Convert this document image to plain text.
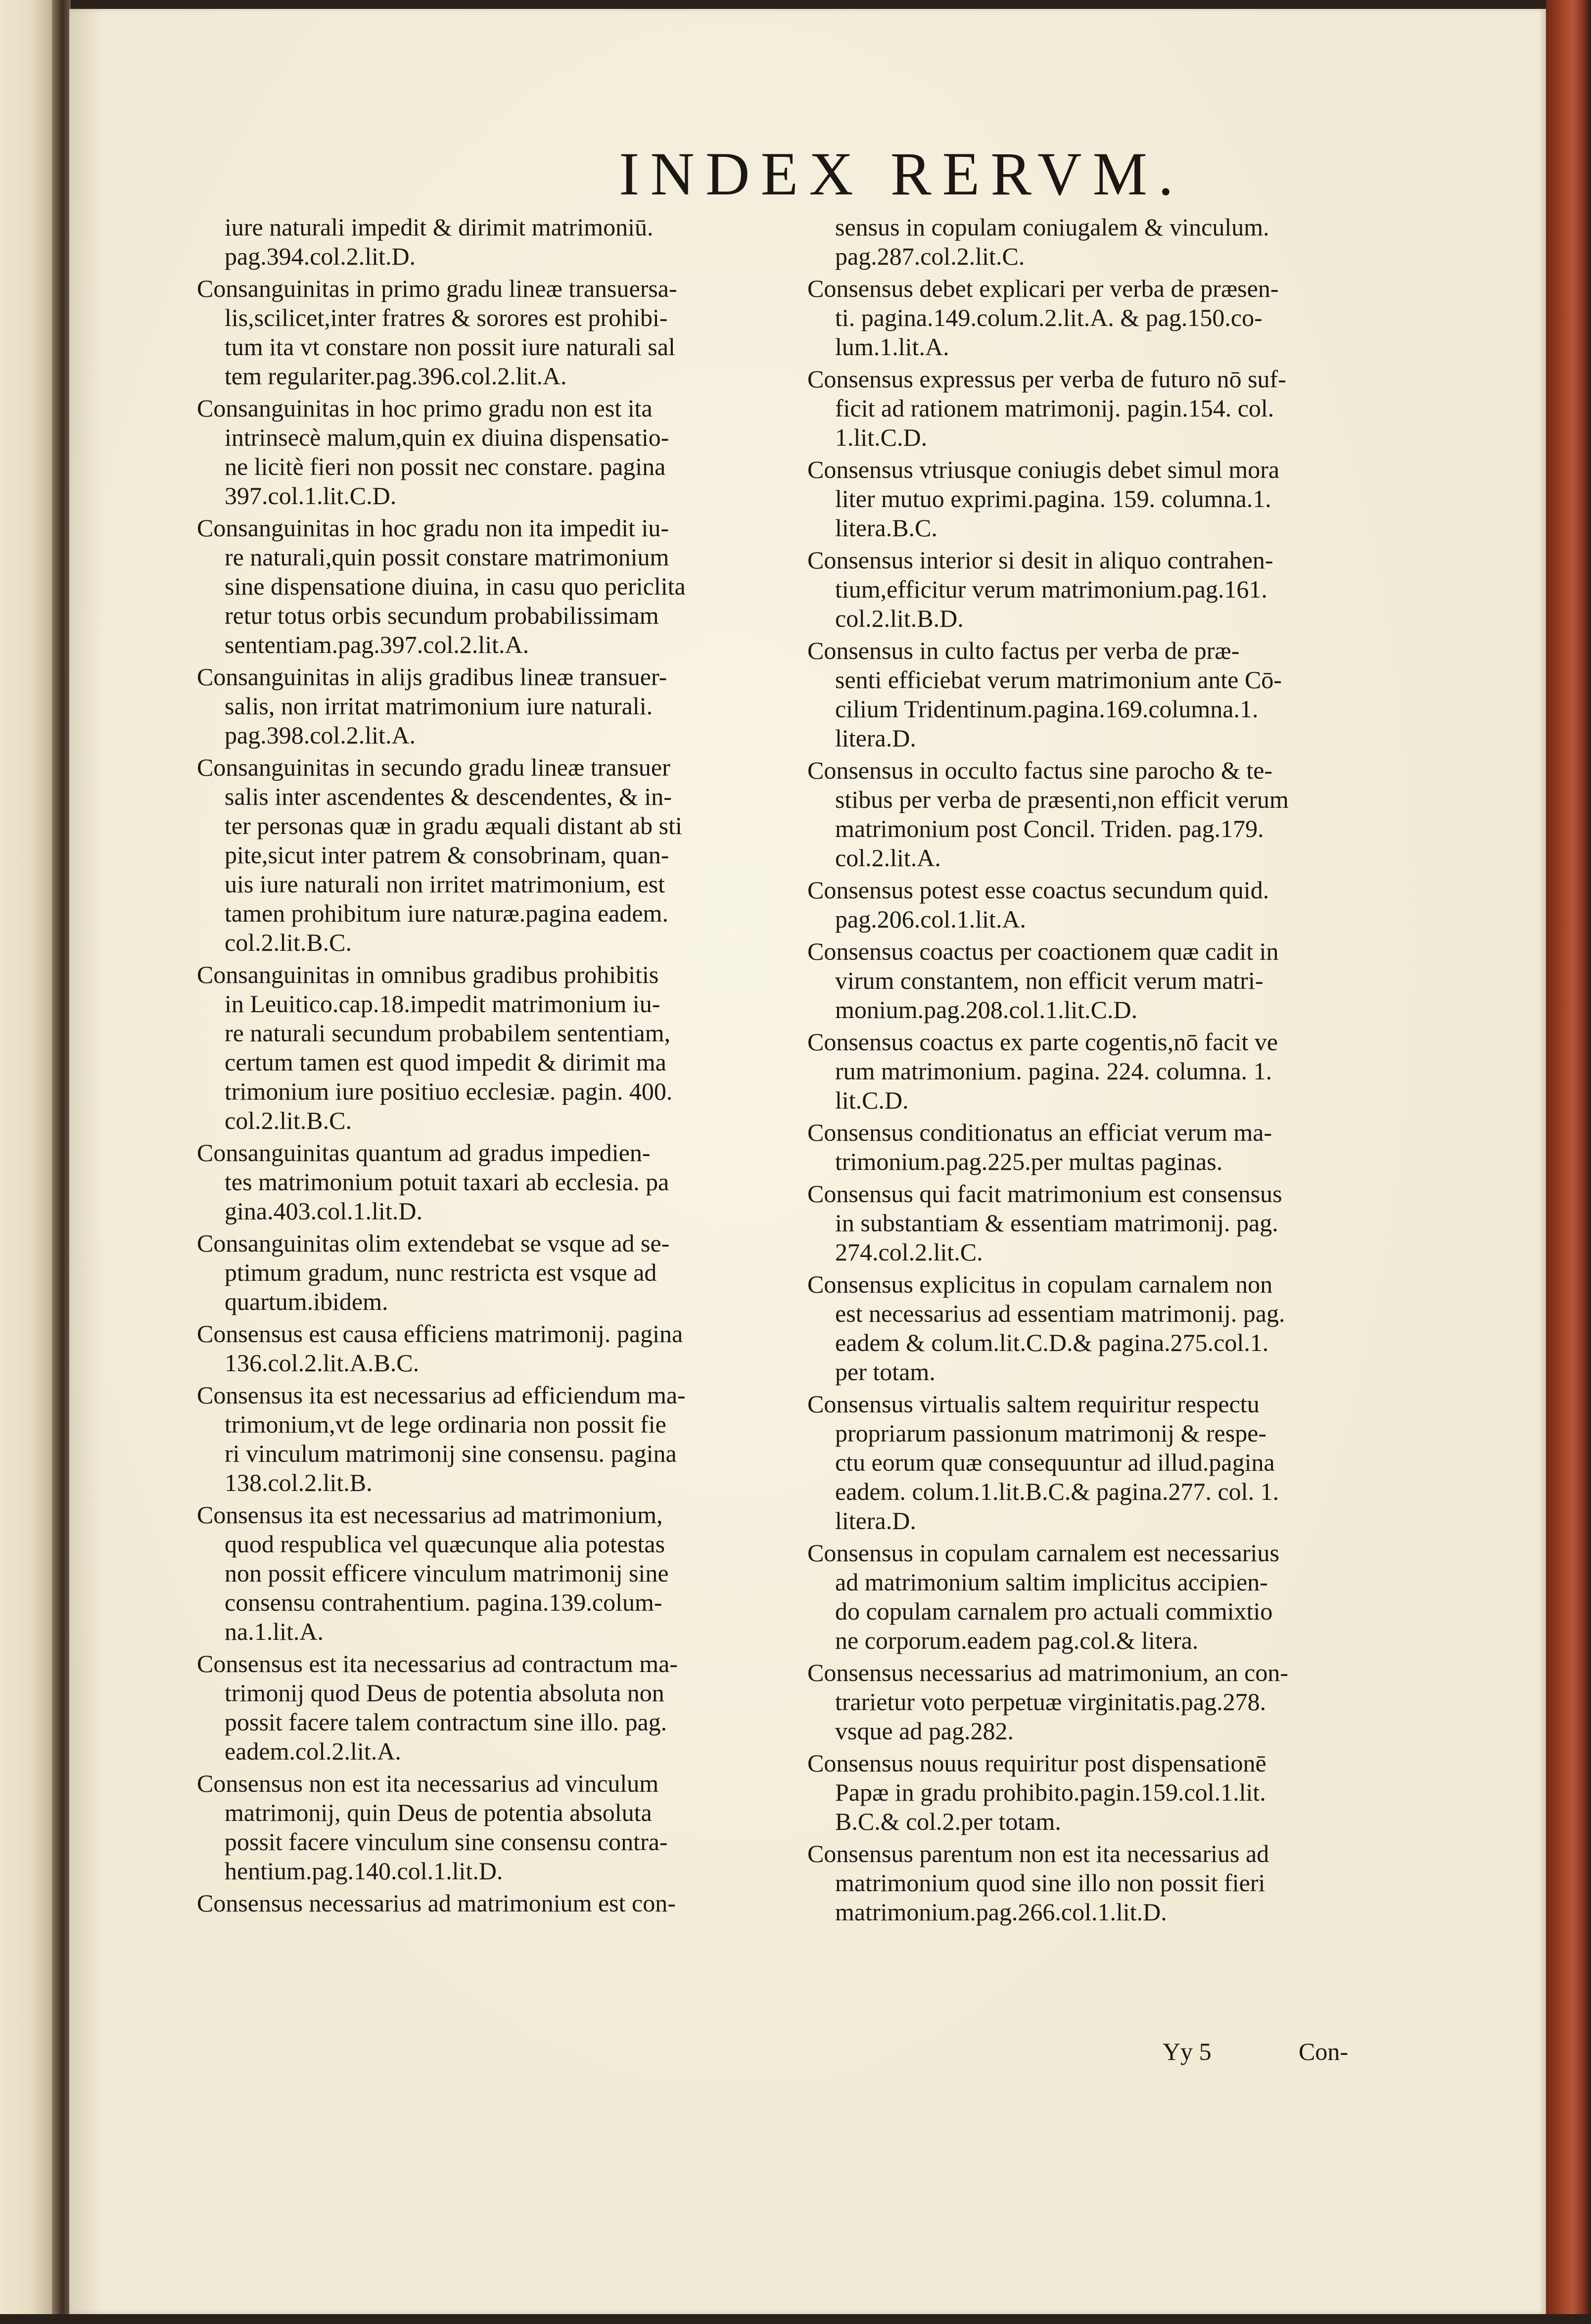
INDEX RERVM.
iure naturali impedit & dirimit matrimoniū.
pag.394.col.2.lit.D.
Consanguinitas in primo gradu lineæ transuersa-
lis,scilicet,inter fratres & sorores est prohibi-
tum ita vt constare non possit iure naturali sal
tem regulariter.pag.396.col.2.lit.A.
Consanguinitas in hoc primo gradu non est ita
intrinsecè malum,quin ex diuina dispensatio-
ne licitè fieri non possit nec constare. pagina
397.col.1.lit.C.D.
Consanguinitas in hoc gradu non ita impedit iu-
re naturali,quin possit constare matrimonium
sine dispensatione diuina, in casu quo periclita
retur totus orbis secundum probabilissimam
sententiam.pag.397.col.2.lit.A.
Consanguinitas in alijs gradibus lineæ transuer-
salis, non irritat matrimonium iure naturali.
pag.398.col.2.lit.A.
Consanguinitas in secundo gradu lineæ transuer
salis inter ascendentes & descendentes, & in-
ter personas quæ in gradu æquali distant ab sti
pite,sicut inter patrem & consobrinam, quan-
uis iure naturali non irritet matrimonium, est
tamen prohibitum iure naturæ.pagina eadem.
col.2.lit.B.C.
Consanguinitas in omnibus gradibus prohibitis
in Leuitico.cap.18.impedit matrimonium iu-
re naturali secundum probabilem sententiam,
certum tamen est quod impedit & dirimit ma
trimonium iure positiuo ecclesiæ. pagin. 400.
col.2.lit.B.C.
Consanguinitas quantum ad gradus impedien-
tes matrimonium potuit taxari ab ecclesia. pa
gina.403.col.1.lit.D.
Consanguinitas olim extendebat se vsque ad se-
ptimum gradum, nunc restricta est vsque ad
quartum.ibidem.
Consensus est causa efficiens matrimonij. pagina
136.col.2.lit.A.B.C.
Consensus ita est necessarius ad efficiendum ma-
trimonium,vt de lege ordinaria non possit fie
ri vinculum matrimonij sine consensu. pagina
138.col.2.lit.B.
Consensus ita est necessarius ad matrimonium,
quod respublica vel quæcunque alia potestas
non possit efficere vinculum matrimonij sine
consensu contrahentium. pagina.139.colum-
na.1.lit.A.
Consensus est ita necessarius ad contractum ma-
trimonij quod Deus de potentia absoluta non
possit facere talem contractum sine illo. pag.
eadem.col.2.lit.A.
Consensus non est ita necessarius ad vinculum
matrimonij, quin Deus de potentia absoluta
possit facere vinculum sine consensu contra-
hentium.pag.140.col.1.lit.D.
Consensus necessarius ad matrimonium est con-
sensus in copulam coniugalem & vinculum.
pag.287.col.2.lit.C.
Consensus debet explicari per verba de præsen-
ti. pagina.149.colum.2.lit.A. & pag.150.co-
lum.1.lit.A.
Consensus expressus per verba de futuro nō suf-
ficit ad rationem matrimonij. pagin.154. col.
1.lit.C.D.
Consensus vtriusque coniugis debet simul mora
liter mutuo exprimi.pagina. 159. columna.1.
litera.B.C.
Consensus interior si desit in aliquo contrahen-
tium,efficitur verum matrimonium.pag.161.
col.2.lit.B.D.
Consensus in culto factus per verba de præ-
senti efficiebat verum matrimonium ante Cō-
cilium Tridentinum.pagina.169.columna.1.
litera.D.
Consensus in occulto factus sine parocho & te-
stibus per verba de præsenti,non efficit verum
matrimonium post Concil. Triden. pag.179.
col.2.lit.A.
Consensus potest esse coactus secundum quid.
pag.206.col.1.lit.A.
Consensus coactus per coactionem quæ cadit in
virum constantem, non efficit verum matri-
monium.pag.208.col.1.lit.C.D.
Consensus coactus ex parte cogentis,nō facit ve
rum matrimonium. pagina. 224. columna. 1.
lit.C.D.
Consensus conditionatus an efficiat verum ma-
trimonium.pag.225.per multas paginas.
Consensus qui facit matrimonium est consensus
in substantiam & essentiam matrimonij. pag.
274.col.2.lit.C.
Consensus explicitus in copulam carnalem non
est necessarius ad essentiam matrimonij. pag.
eadem & colum.lit.C.D.& pagina.275.col.1.
per totam.
Consensus virtualis saltem requiritur respectu
propriarum passionum matrimonij & respe-
ctu eorum quæ consequuntur ad illud.pagina
eadem. colum.1.lit.B.C.& pagina.277. col. 1.
litera.D.
Consensus in copulam carnalem est necessarius
ad matrimonium saltim implicitus accipien-
do copulam carnalem pro actuali commixtio
ne corporum.eadem pag.col.& litera.
Consensus necessarius ad matrimonium, an con-
trarietur voto perpetuæ virginitatis.pag.278.
vsque ad pag.282.
Consensus nouus requiritur post dispensationē
Papæ in gradu prohibito.pagin.159.col.1.lit.
B.C.& col.2.per totam.
Consensus parentum non est ita necessarius ad
matrimonium quod sine illo non possit fieri
matrimonium.pag.266.col.1.lit.D.
Yy 5	Con-
